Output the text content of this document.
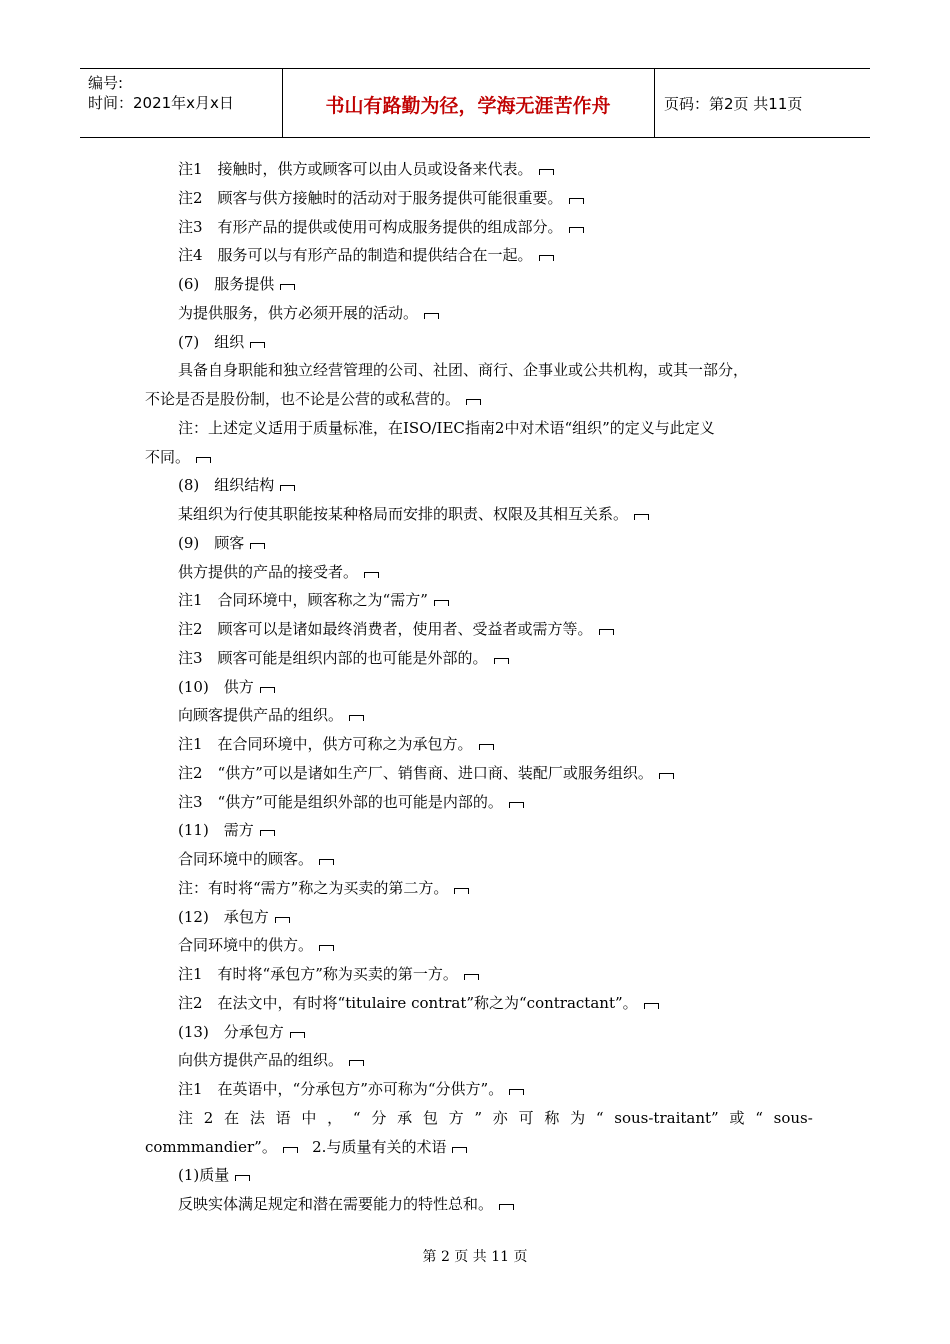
编号:
时间：2021年x月x日	书山有路勤为径，学海无涯苦作舟	页码：第2页 共11页
注1　接触时，供方或顾客可以由人员或设备来代表。
注2　顾客与供方接触时的活动对于服务提供可能很重要。
注3　有形产品的提供或使用可构成服务提供的组成部分。
注4　服务可以与有形产品的制造和提供结合在一起。
(6)　服务提供
为提供服务，供方必须开展的活动。
(7)　组织
具备自身职能和独立经营管理的公司、社团、商行、企事业或公共机构，或其一部分，
不论是否是股份制，也不论是公营的或私营的。
注：上述定义适用于质量标准，在ISO/IEC指南2中对术语“组织”的定义与此定义
不同。
(8)　组织结构
某组织为行使其职能按某种格局而安排的职责、权限及其相互关系。
(9)　顾客
供方提供的产品的接受者。
注1　合同环境中，顾客称之为“需方”
注2　顾客可以是诸如最终消费者，使用者、受益者或需方等。
注3　顾客可能是组织内部的也可能是外部的。
(10)　供方
向顾客提供产品的组织。
注1　在合同环境中，供方可称之为承包方。
注2　“供方”可以是诸如生产厂、销售商、进口商、装配厂或服务组织。
注3　“供方”可能是组织外部的也可能是内部的。
(11)　需方
合同环境中的顾客。
注：有时将“需方”称之为买卖的第二方。
(12)　承包方
合同环境中的供方。
注1　有时将“承包方”称为买卖的第一方。
注2　在法文中，有时将“titulaire contrat”称之为“contractant”。
(13)　分承包方
向供方提供产品的组织。
注1　在英语中，“分承包方”亦可称为“分供方”。
注 2 在 法 语 中 ， “ 分 承 包 方 ” 亦 可 称 为 “ sous-traitant” 或 “ sous-
commmandier”。 2.与质量有关的术语
(1)质量
反映实体满足规定和潜在需要能力的特性总和。
第 2 页 共 11 页
